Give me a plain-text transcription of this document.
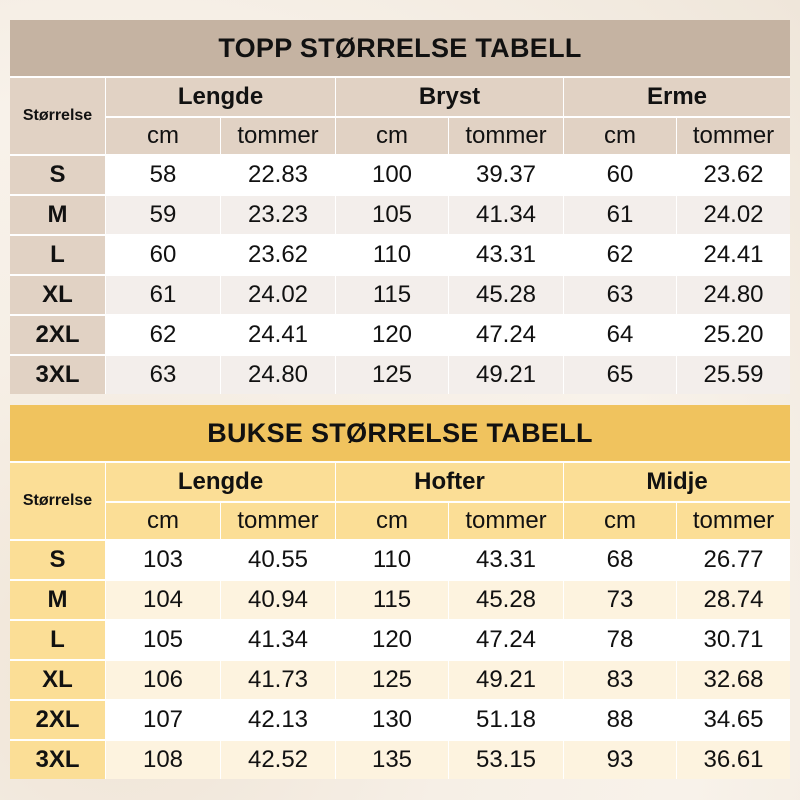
TOPP STØRRELSE TABELL
Størrelse
Lengde	Bryst	Erme
cm	tommer	cm	tommer	cm	tommer
S	58	22.83	100	39.37	60	23.62
M	59	23.23	105	41.34	61	24.02
L	60	23.62	110	43.31	62	24.41
XL	61	24.02	115	45.28	63	24.80
2XL	62	24.41	120	47.24	64	25.20
3XL	63	24.80	125	49.21	65	25.59
BUKSE STØRRELSE TABELL
Størrelse
Lengde	Hofter	Midje
cm	tommer	cm	tommer	cm	tommer
S	103	40.55	110	43.31	68	26.77
M	104	40.94	115	45.28	73	28.74
L	105	41.34	120	47.24	78	30.71
XL	106	41.73	125	49.21	83	32.68
2XL	107	42.13	130	51.18	88	34.65
3XL	108	42.52	135	53.15	93	36.61
